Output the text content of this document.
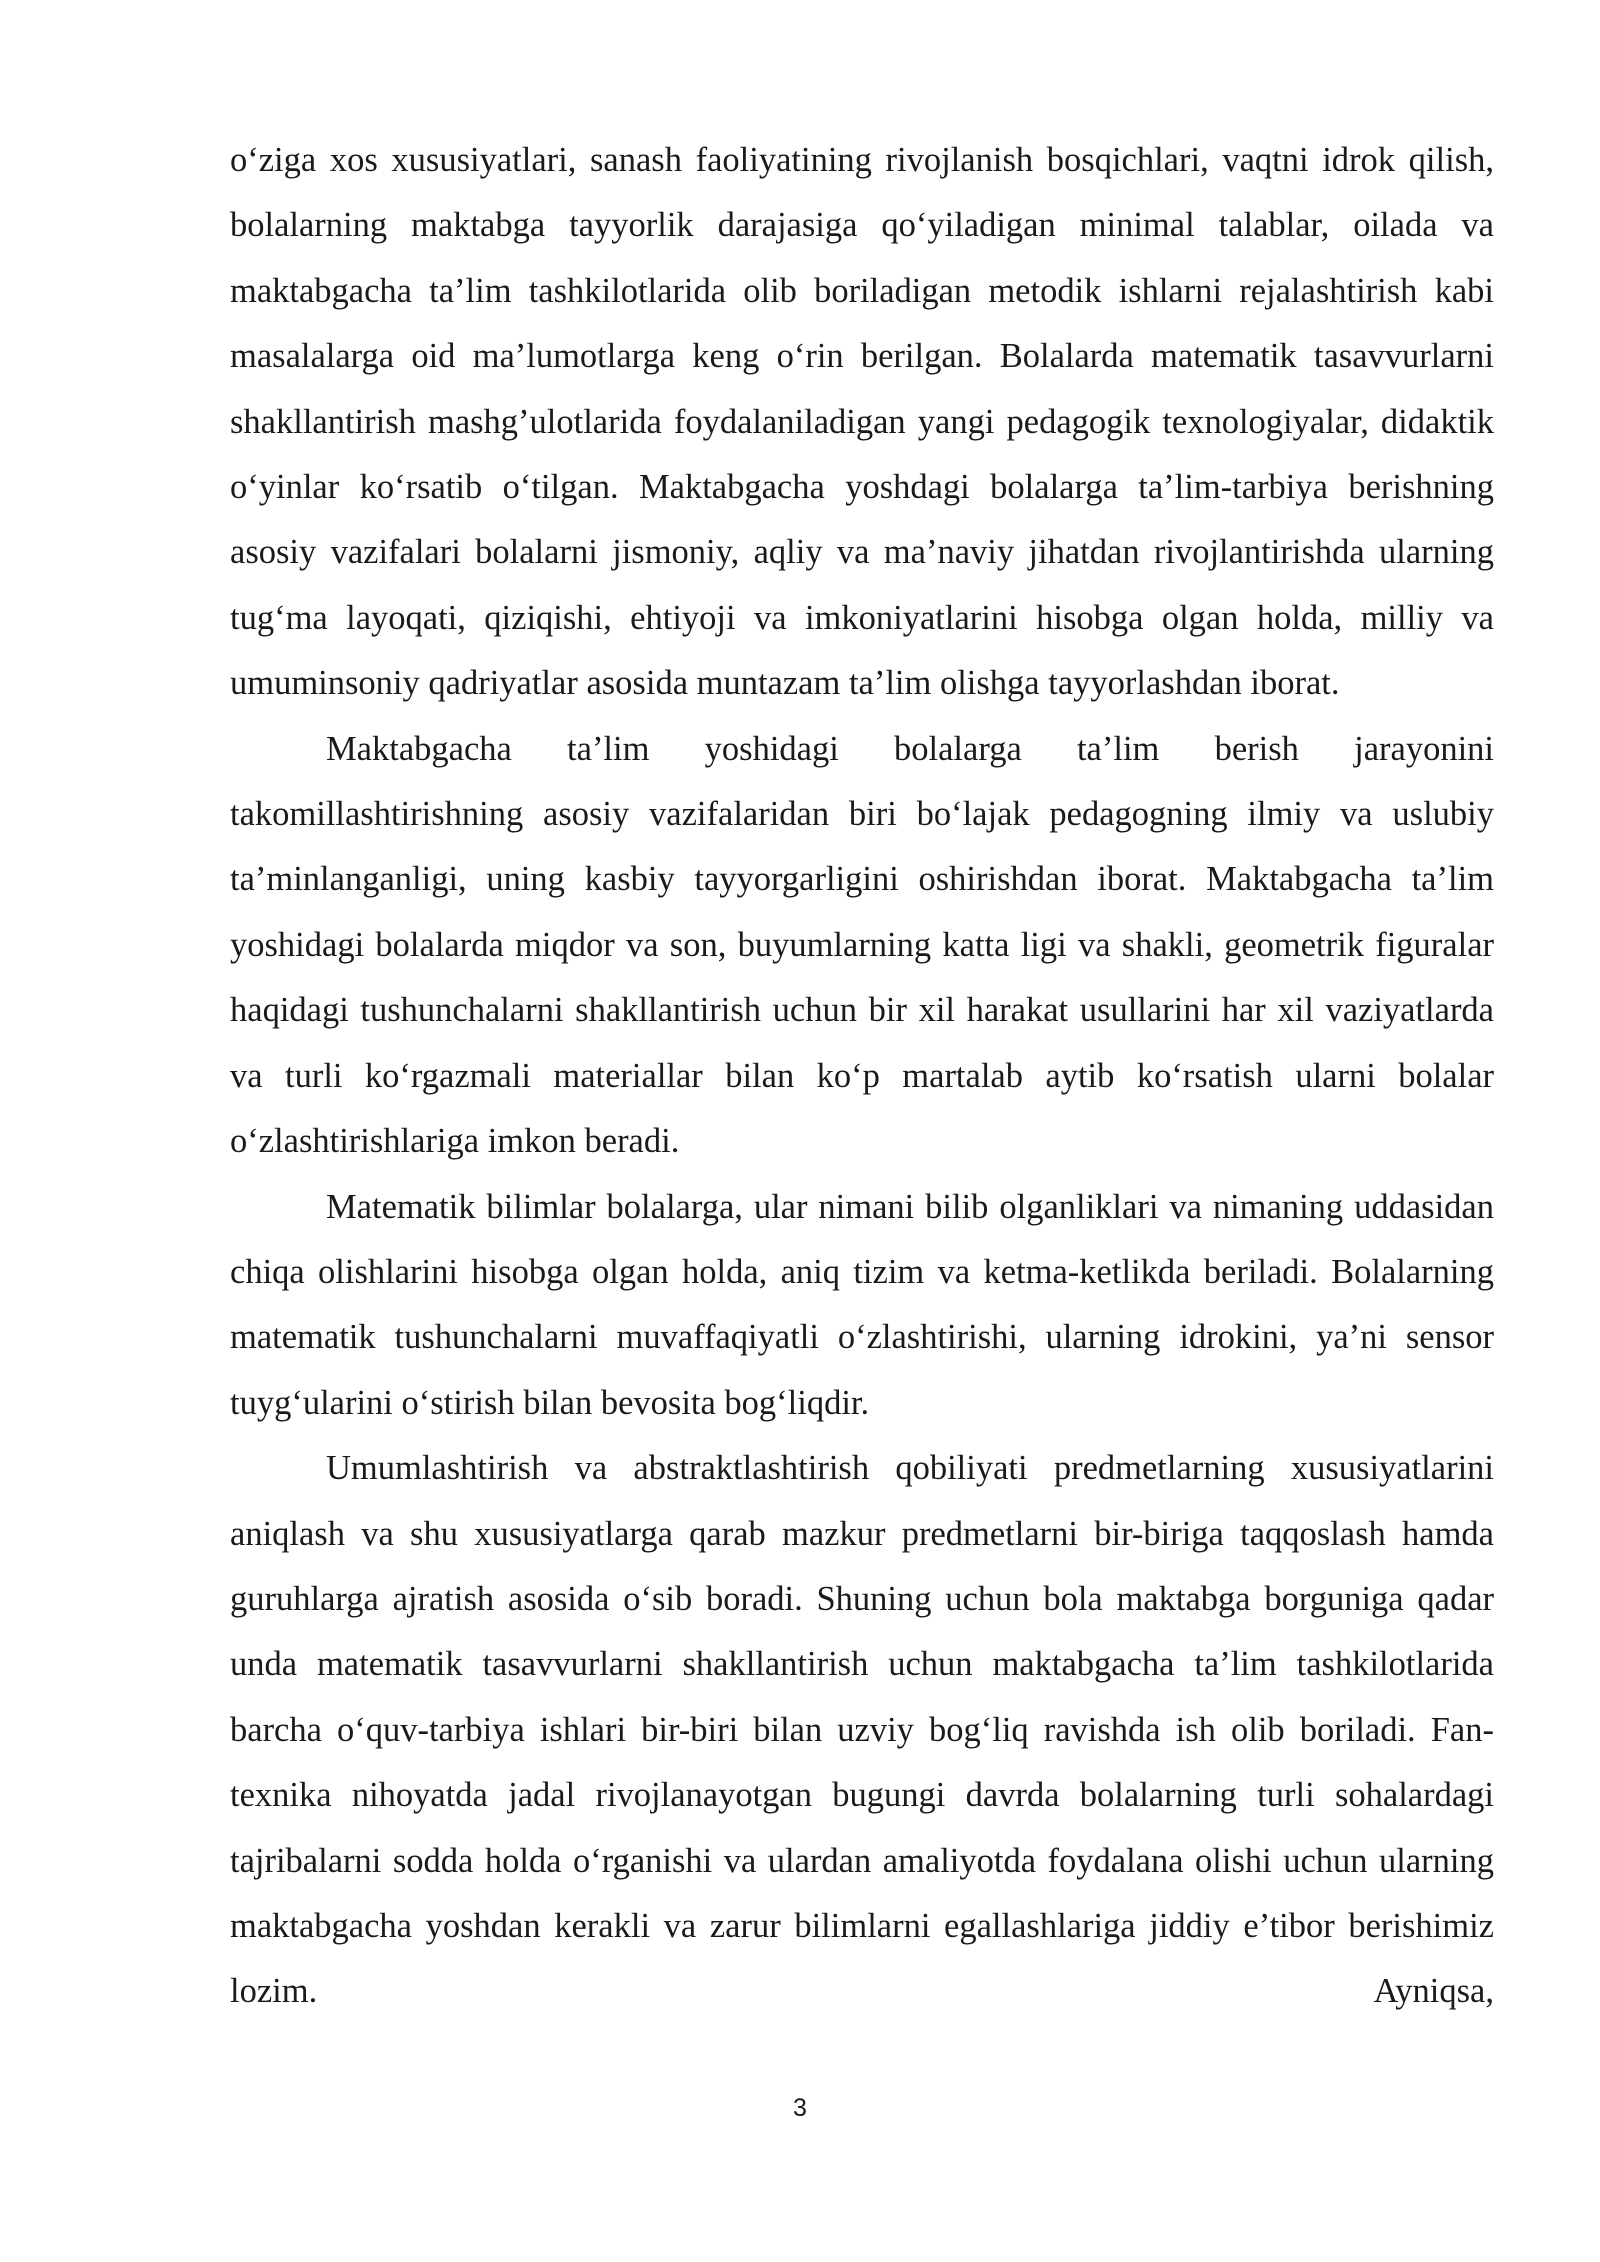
o‘ziga xos xususiyatlari, sanash faoliyatining rivojlanish bosqichlari, vaqtni idrok qilish, bolalarning maktabga tayyorlik darajasiga qo‘yiladigan minimal talablar, oilada va maktabgacha ta’lim tashkilotlarida olib boriladigan metodik ishlarni rejalashtirish kabi masalalarga oid ma’lumotlarga keng o‘rin berilgan. Bolalarda matematik tasavvurlarni shakllantirish mashg’ulotlarida foydalaniladigan yangi pedagogik texnologiyalar, didaktik o‘yinlar ko‘rsatib o‘tilgan. Maktabgacha yoshdagi bolalarga ta’lim-tarbiya berishning asosiy vazifalari bolalarni jismoniy, aqliy va ma’naviy jihatdan rivojlantirishda ularning tug‘ma layoqati, qiziqishi, ehtiyoji va imkoniyatlarini hisobga olgan holda, milliy va umuminsoniy qadriyatlar asosida muntazam ta’lim olishga tayyorlashdan iborat.

Maktabgacha ta’lim yoshidagi bolalarga ta’lim berish jarayonini takomillashtirishning asosiy vazifalaridan biri bo‘lajak pedagogning ilmiy va uslubiy ta’minlanganligi, uning kasbiy tayyorgarligini oshirishdan iborat. Maktabgacha ta’lim yoshidagi bolalarda miqdor va son, buyumlarning katta ligi va shakli, geometrik figuralar haqidagi tushunchalarni shakllantirish uchun bir xil harakat usullarini har xil vaziyatlarda va turli ko‘rgazmali materiallar bilan ko‘p martalab aytib ko‘rsatish ularni bolalar o‘zlashtirishlariga imkon beradi.

Matematik bilimlar bolalarga, ular nimani bilib olganliklari va nimaning uddasidan chiqa olishlarini hisobga olgan holda, aniq tizim va ketma-ketlikda beriladi. Bolalarning matematik tushunchalarni muvaffaqiyatli o‘zlashtirishi, ularning idrokini, ya’ni sensor tuyg‘ularini o‘stirish bilan bevosita bog‘liqdir.

Umumlashtirish va abstraktlashtirish qobiliyati predmetlarning xususiyatlarini aniqlash va shu xususiyatlarga qarab mazkur predmetlarni bir-biriga taqqoslash hamda guruhlarga ajratish asosida o‘sib boradi. Shuning uchun bola maktabga borguniga qadar unda matematik tasavvurlarni shakllantirish uchun maktabgacha ta’lim tashkilotlarida barcha o‘quv-tarbiya ishlari bir-biri bilan uzviy bog‘liq ravishda ish olib boriladi. Fan-texnika nihoyatda jadal rivojlanayotgan bugungi davrda bolalarning turli sohalardagi tajribalarni sodda holda o‘rganishi va ulardan amaliyotda foydalana olishi uchun ularning maktabgacha yoshdan kerakli va zarur bilimlarni egallashlariga jiddiy e’tibor berishimiz lozim. Ayniqsa,

3
